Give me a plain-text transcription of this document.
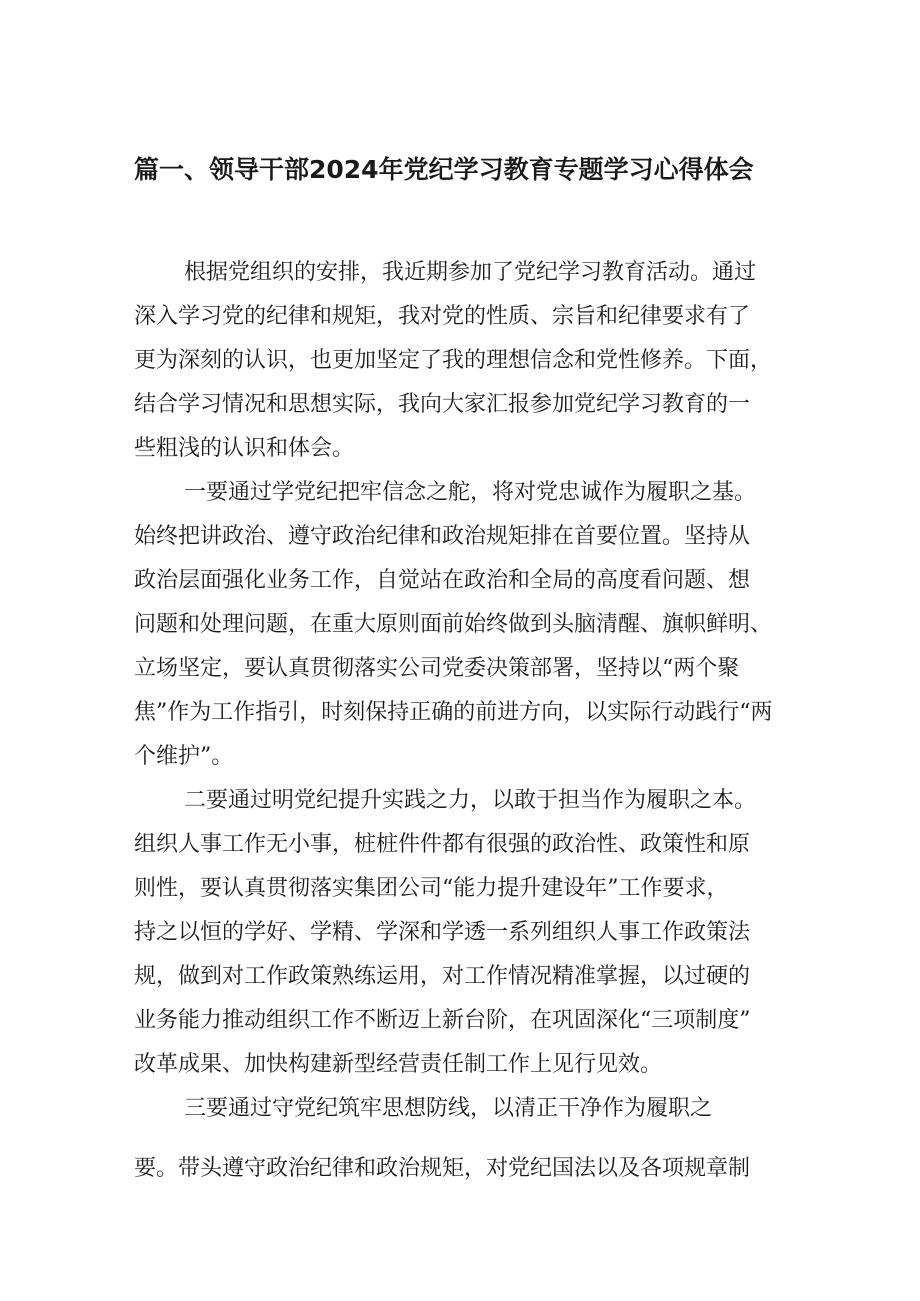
篇一、领导干部2024年党纪学习教育专题学习心得体会
根据党组织的安排，我近期参加了党纪学习教育活动。通过
深入学习党的纪律和规矩，我对党的性质、宗旨和纪律要求有了
更为深刻的认识，也更加坚定了我的理想信念和党性修养。下面，
结合学习情况和思想实际，我向大家汇报参加党纪学习教育的一
些粗浅的认识和体会。
一要通过学党纪把牢信念之舵，将对党忠诚作为履职之基。
始终把讲政治、遵守政治纪律和政治规矩排在首要位置。坚持从
政治层面强化业务工作，自觉站在政治和全局的高度看问题、想
问题和处理问题，在重大原则面前始终做到头脑清醒、旗帜鲜明、
立场坚定，要认真贯彻落实公司党委决策部署，坚持以“两个聚
焦”作为工作指引，时刻保持正确的前进方向，以实际行动践行“两
个维护”。
二要通过明党纪提升实践之力，以敢于担当作为履职之本。
组织人事工作无小事，桩桩件件都有很强的政治性、政策性和原
则性，要认真贯彻落实集团公司“能力提升建设年”工作要求，
持之以恒的学好、学精、学深和学透一系列组织人事工作政策法
规，做到对工作政策熟练运用，对工作情况精准掌握，以过硬的
业务能力推动组织工作不断迈上新台阶，在巩固深化“三项制度”
改革成果、加快构建新型经营责任制工作上见行见效。
三要通过守党纪筑牢思想防线，以清正干净作为履职之
要。带头遵守政治纪律和政治规矩，对党纪国法以及各项规章制
